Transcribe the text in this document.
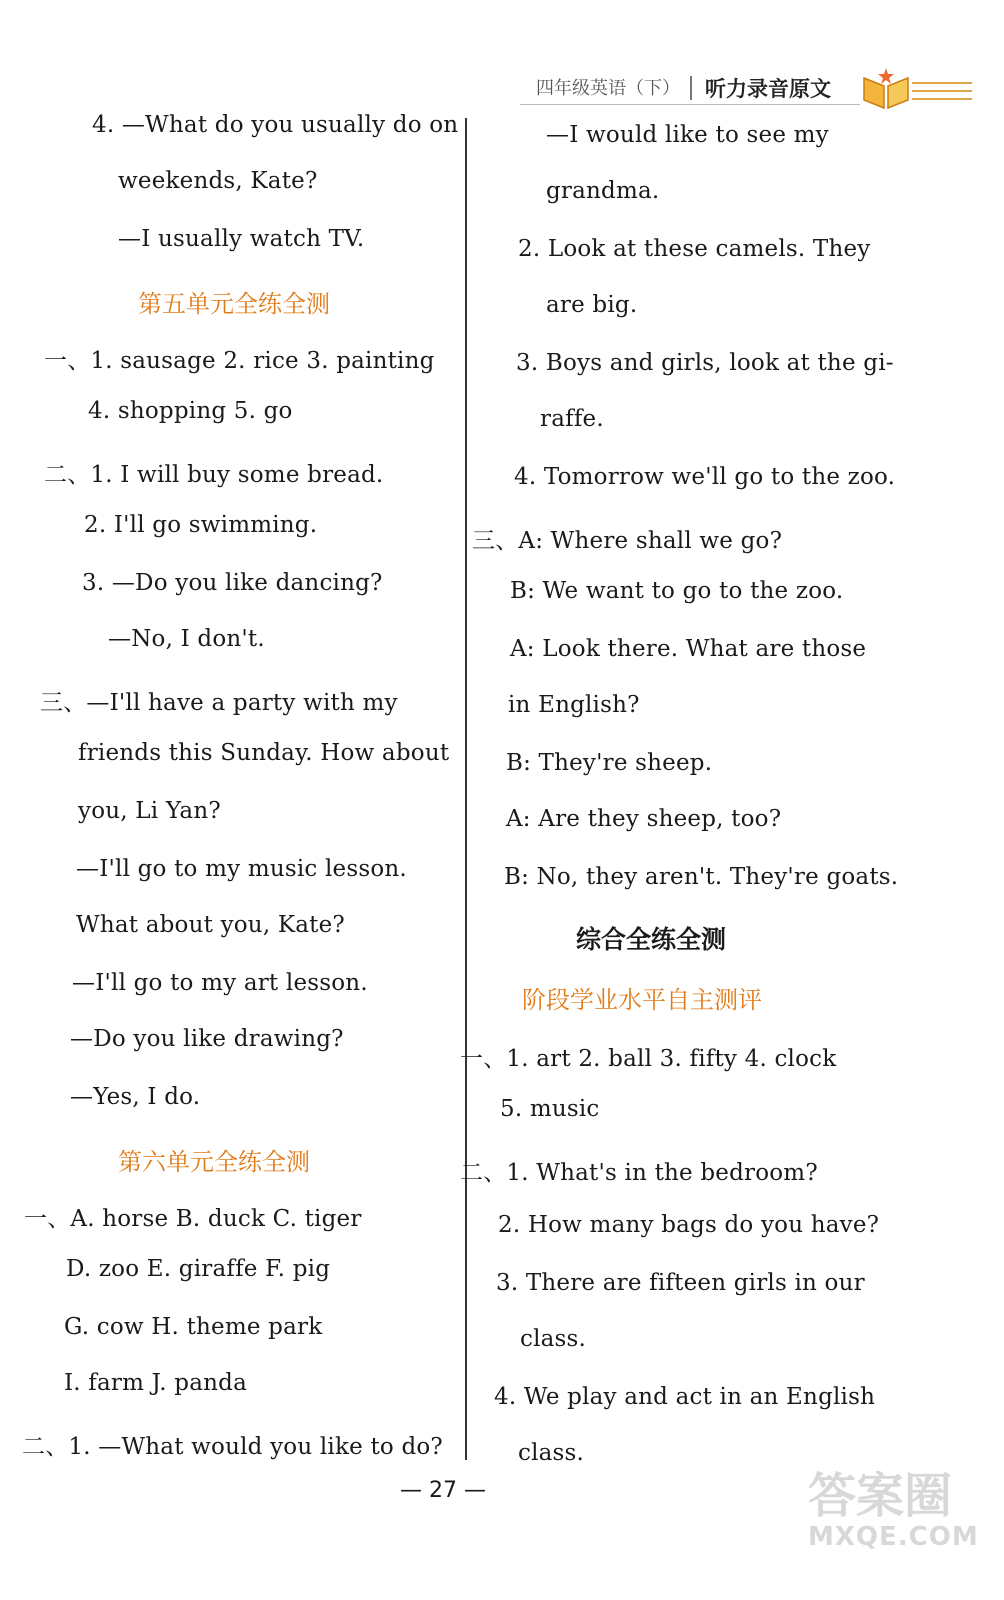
四年级英语（下） 听力录音原文
4. —What do you usually do on
weekends, Kate?
—I usually watch TV.
第五单元全练全测
一、1. sausage 2. rice 3. painting
4. shopping 5. go
二、1. I will buy some bread.
2. I'll go swimming.
3. —Do you like dancing?
—No, I don't.
三、—I'll have a party with my
friends this Sunday. How about
you, Li Yan?
—I'll go to my music lesson.
What about you, Kate?
—I'll go to my art lesson.
—Do you like drawing?
—Yes, I do.
第六单元全练全测
一、A. horse B. duck C. tiger
D. zoo E. giraffe F. pig
G. cow H. theme park
I. farm J. panda
二、1. —What would you like to do?
—I would like to see my
grandma.
2. Look at these camels. They
are big.
3. Boys and girls, look at the gi-
raffe.
4. Tomorrow we'll go to the zoo.
三、A: Where shall we go?
B: We want to go to the zoo.
A: Look there. What are those
in English?
B: They're sheep.
A: Are they sheep, too?
B: No, they aren't. They're goats.
综合全练全测
阶段学业水平自主测评
一、1. art 2. ball 3. fifty 4. clock
5. music
二、1. What's in the bedroom?
2. How many bags do you have?
3. There are fifteen girls in our
class.
4. We play and act in an English
class.
— 27 —	答案圈
MXQE.COM
